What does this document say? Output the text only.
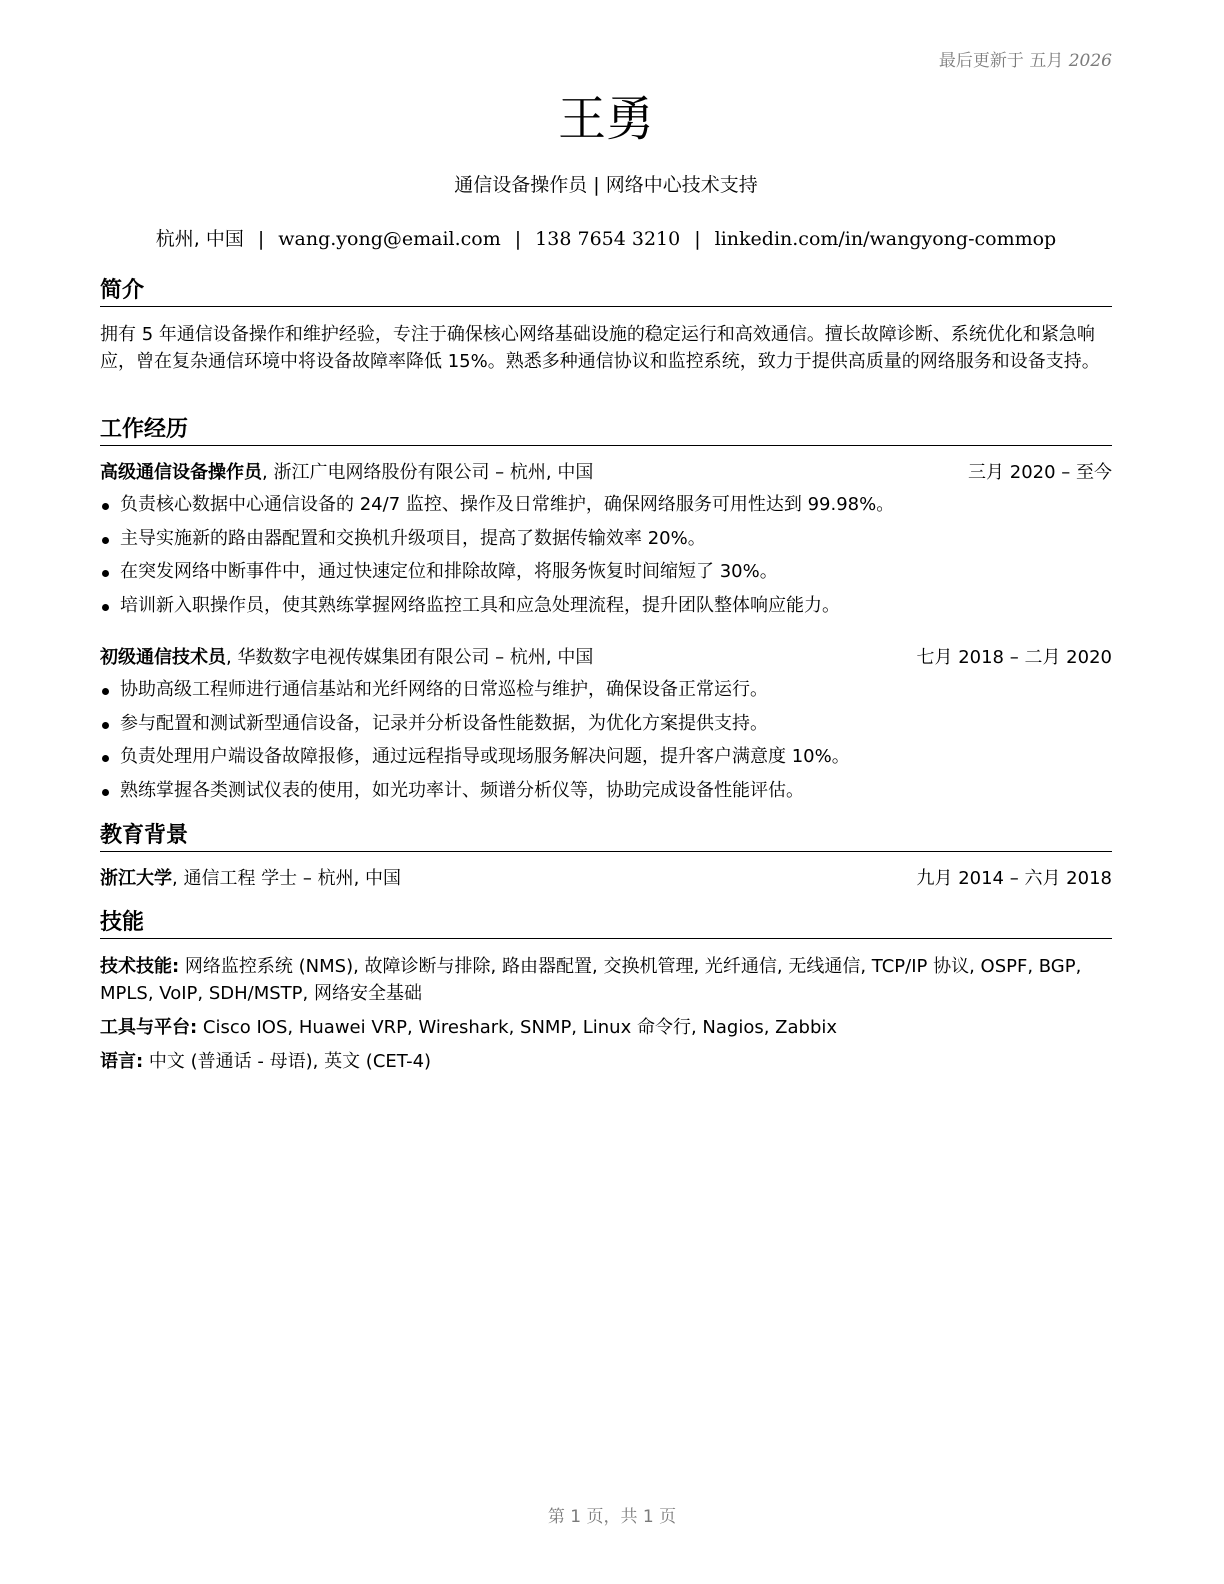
最后更新于 五月 2026
王勇
通信设备操作员 | 网络中心技术支持
杭州, 中国 | wang.yong@email.com | 138 7654 3210 | linkedin.com/in/wangyong-commop
简介
拥有 5 年通信设备操作和维护经验，专注于确保核心网络基础设施的稳定运行和高效通信。擅长故障诊断、系统优化和紧急响应，曾在复杂通信环境中将设备故障率降低 15%。熟悉多种通信协议和监控系统，致力于提供高质量的网络服务和设备支持。
工作经历
高级通信设备操作员, 浙江广电网络股份有限公司 – 杭州, 中国	三月 2020 – 至今
负责核心数据中心通信设备的 24/7 监控、操作及日常维护，确保网络服务可用性达到 99.98%。
主导实施新的路由器配置和交换机升级项目，提高了数据传输效率 20%。
在突发网络中断事件中，通过快速定位和排除故障，将服务恢复时间缩短了 30%。
培训新入职操作员，使其熟练掌握网络监控工具和应急处理流程，提升团队整体响应能力。
初级通信技术员, 华数数字电视传媒集团有限公司 – 杭州, 中国	七月 2018 – 二月 2020
协助高级工程师进行通信基站和光纤网络的日常巡检与维护，确保设备正常运行。
参与配置和测试新型通信设备，记录并分析设备性能数据，为优化方案提供支持。
负责处理用户端设备故障报修，通过远程指导或现场服务解决问题，提升客户满意度 10%。
熟练掌握各类测试仪表的使用，如光功率计、频谱分析仪等，协助完成设备性能评估。
教育背景
浙江大学, 通信工程 学士 – 杭州, 中国	九月 2014 – 六月 2018
技能
技术技能: 网络监控系统 (NMS), 故障诊断与排除, 路由器配置, 交换机管理, 光纤通信, 无线通信, TCP/IP 协议, OSPF, BGP, MPLS, VoIP, SDH/MSTP, 网络安全基础
工具与平台: Cisco IOS, Huawei VRP, Wireshark, SNMP, Linux 命令行, Nagios, Zabbix
语言: 中文 (普通话 - 母语), 英文 (CET-4)
第 1 页，共 1 页
